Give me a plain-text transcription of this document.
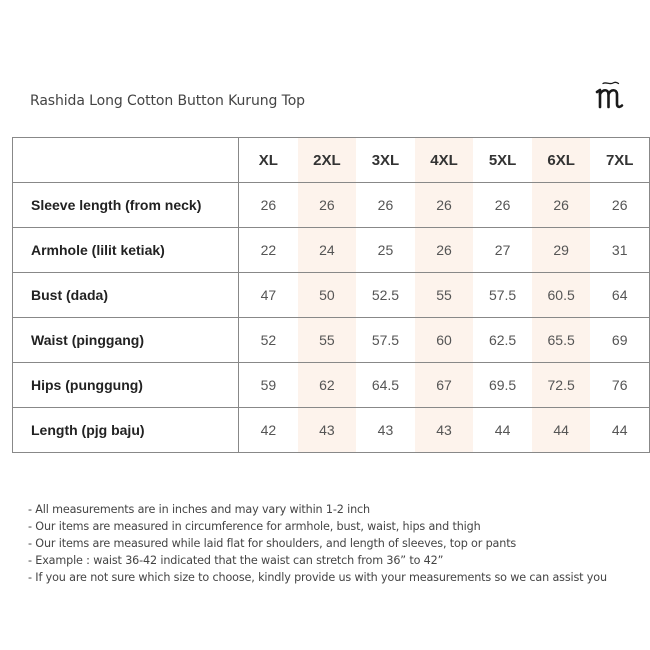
Rashida Long Cotton Button Kurung Top
	XL	2XL	3XL	4XL	5XL	6XL	7XL
Sleeve length (from neck)	26	26	26	26	26	26	26
Armhole (lilit ketiak)	22	24	25	26	27	29	31
Bust (dada)	47	50	52.5	55	57.5	60.5	64
Waist (pinggang)	52	55	57.5	60	62.5	65.5	69
Hips (punggung)	59	62	64.5	67	69.5	72.5	76
Length (pjg baju)	42	43	43	43	44	44	44
- All measurements are in inches and may vary within 1-2 inch
- Our items are measured in circumference for armhole, bust, waist, hips and thigh
- Our items are measured while laid flat for shoulders, and length of sleeves, top or pants
- Example : waist 36-42 indicated that the waist can stretch from 36” to 42”
- If you are not sure which size to choose, kindly provide us with your measurements so we can assist you
